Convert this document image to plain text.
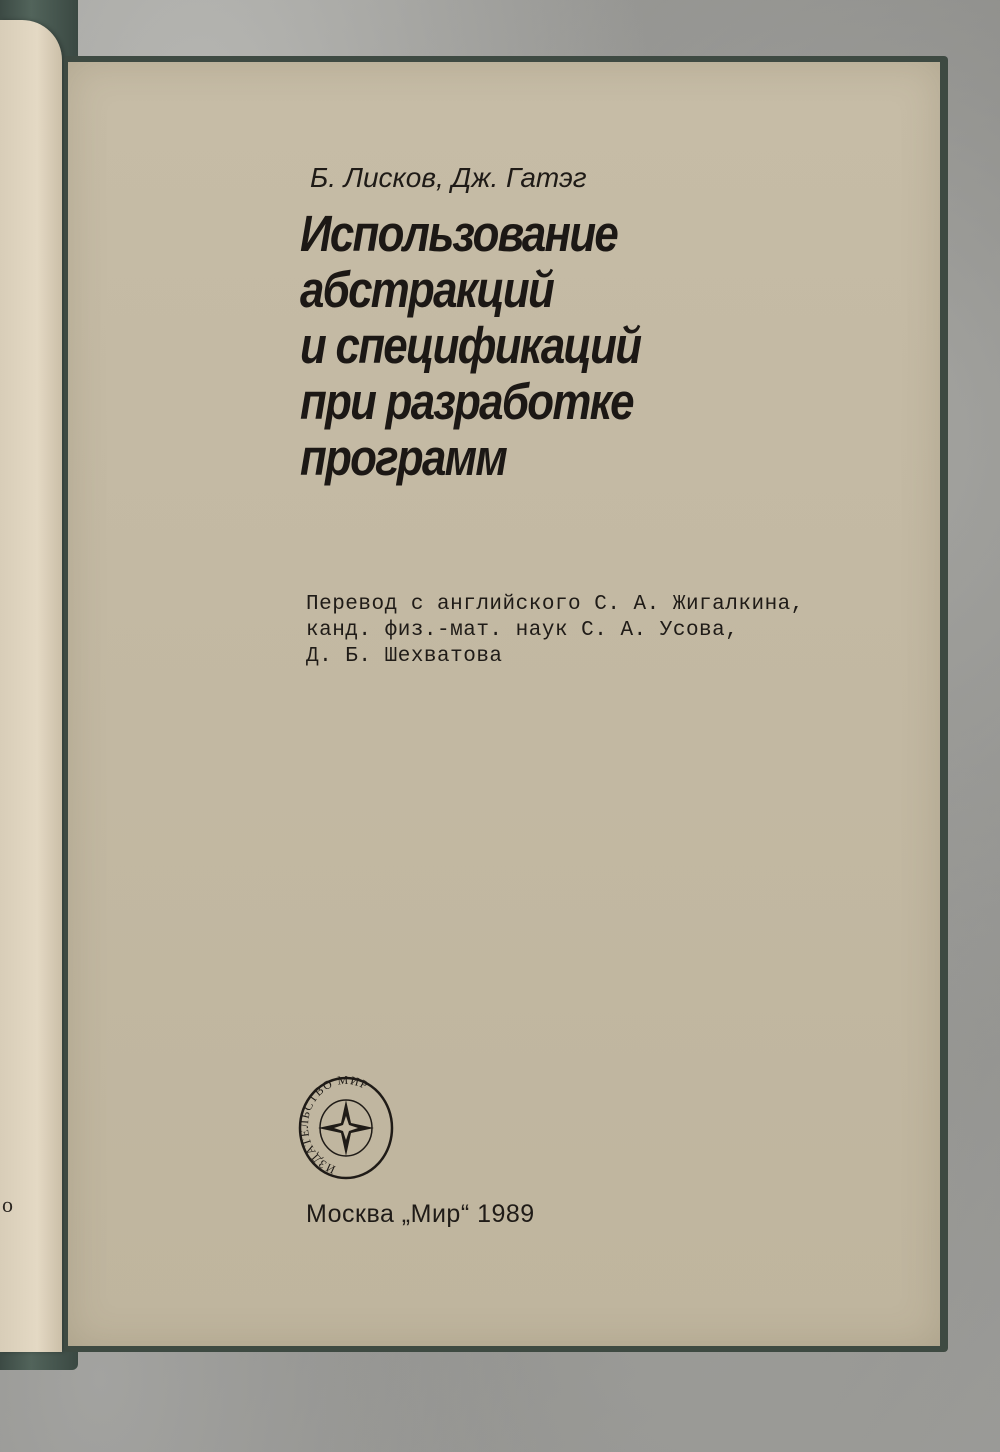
о
Б. Лисков, Дж. Гатэг
Использование
абстракций
и спецификаций
при разработке
программ
Перевод с английского С. А. Жигалкина,
канд. физ.-мат. наук С. А. Усова,
Д. Б. Шехватова
ИЗДАТЕЛЬСТВО МИР
Москва „Мир“ 1989
